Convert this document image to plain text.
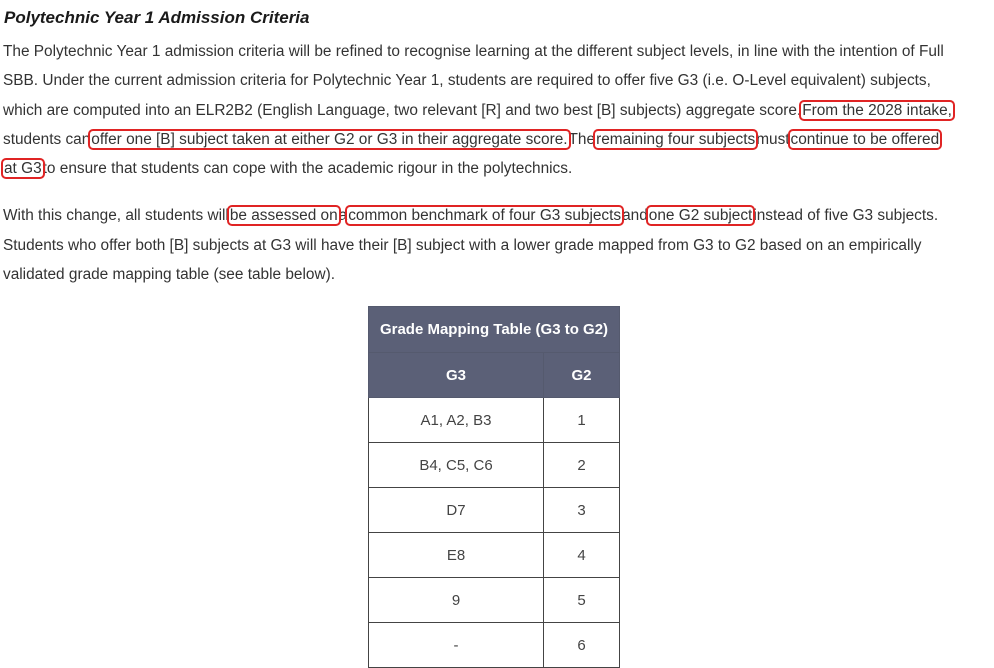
Polytechnic Year 1 Admission Criteria

The Polytechnic Year 1 admission criteria will be refined to recognise learning at the different subject levels, in line with the intention of Full
SBB. Under the current admission criteria for Polytechnic Year 1, students are required to offer five G3 (i.e. O-Level equivalent) subjects,
which are computed into an ELR2B2 (English Language, two relevant [R] and two best [B] subjects) aggregate score.From the 2028 intake,
students canoffer one [B] subject taken at either G2 or G3 in their aggregate score.Theremaining four subjectsmustcontinue to be offered
at G3to ensure that students can cope with the academic rigour in the polytechnics.

With this change, all students willbe assessed onacommon benchmark of four G3 subjectsandone G2 subjectinstead of five G3 subjects.
Students who offer both [B] subjects at G3 will have their [B] subject with a lower grade mapped from G3 to G2 based on an empirically
validated grade mapping table (see table below).

Grade Mapping Table (G3 to G2)	
G3	G2
A1, A2, B3	1
B4, C5, C6	2
D7	3
E8	4
9	5
-	6
